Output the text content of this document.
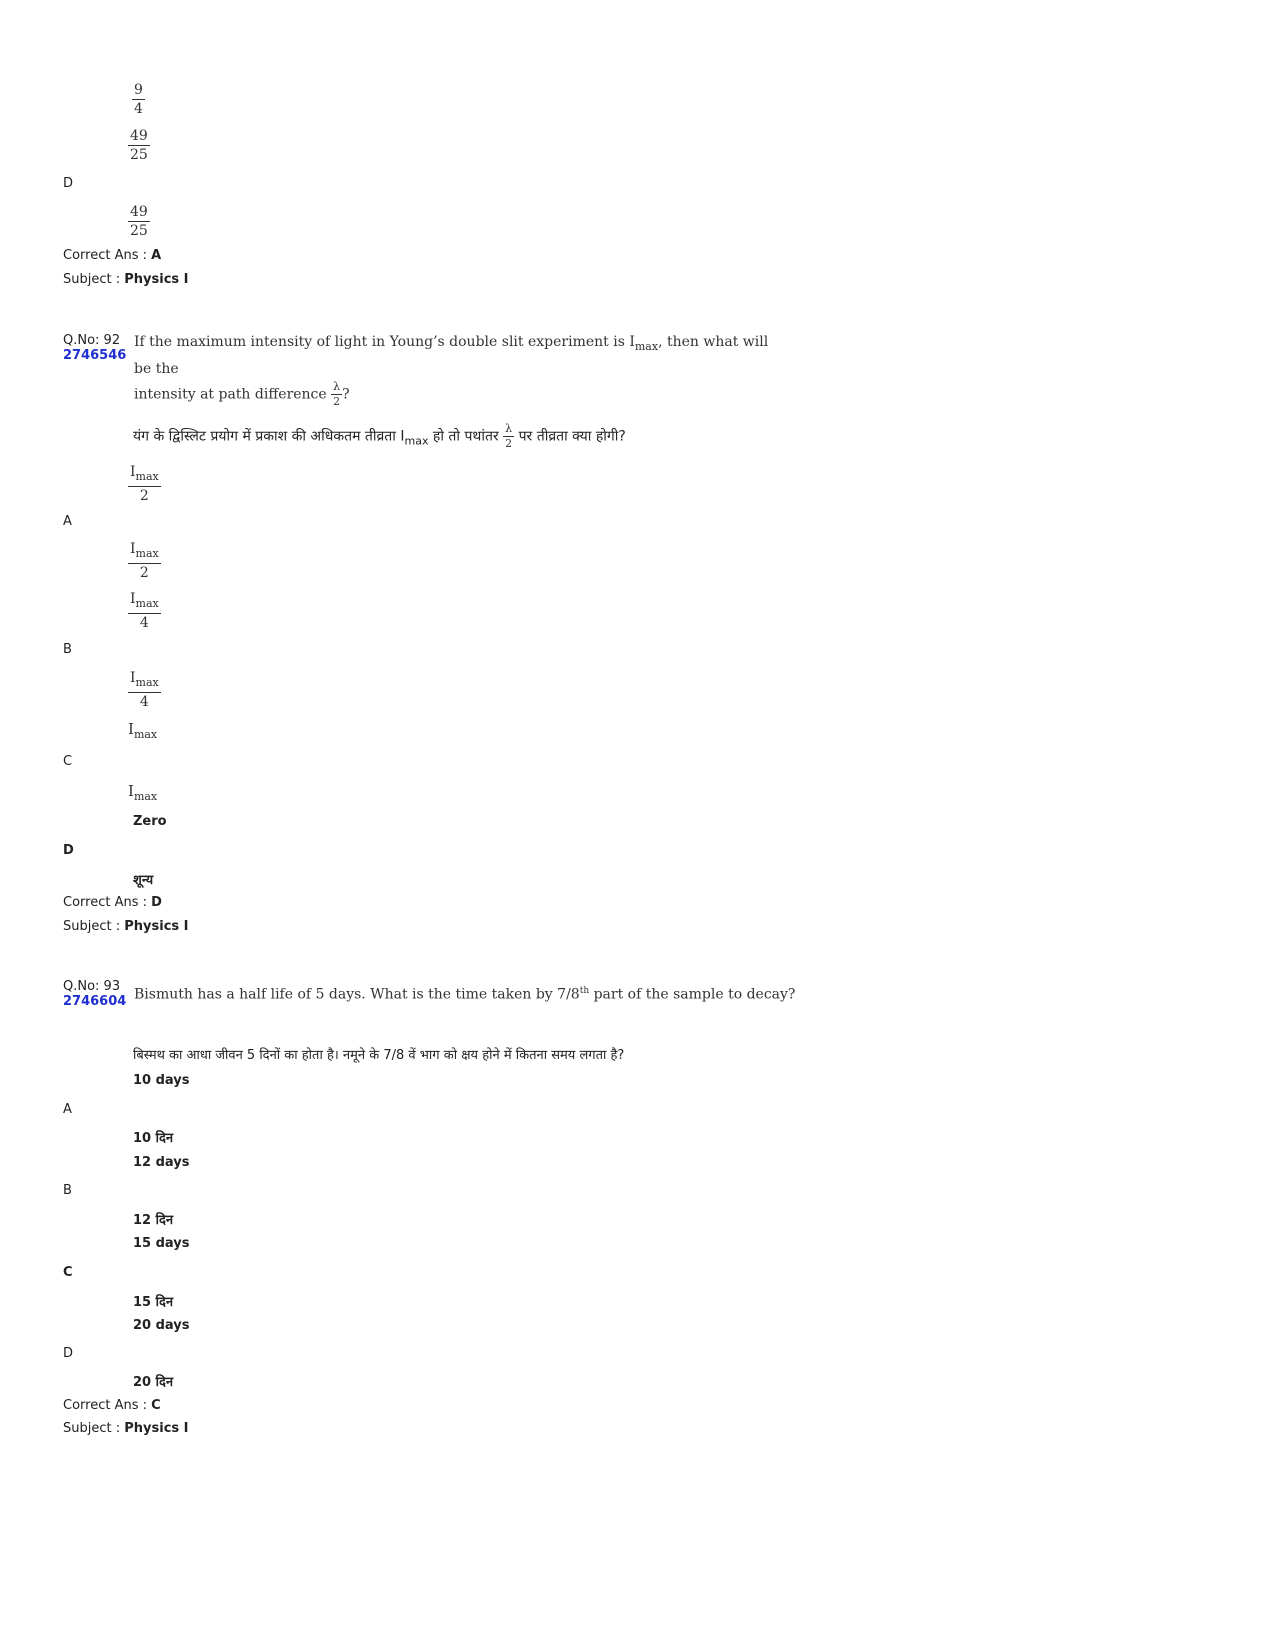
$\frac{9}{4}$
$\frac{49}{25}$
D
$\frac{49}{25}$
Correct Ans : A
Subject : Physics I
Q.No: 92
2746546
If the maximum intensity of light in Young’s double slit experiment is $I_{max}$, then what will be the
intensity at path difference $\frac{\lambda}{2}$ ?
यंग के द्विस्लिट प्रयोग में प्रकाश की अधिकतम तीव्रता $I_{max}$ हो तो पथांतर $\frac{\lambda}{2}$ पर तीव्रता क्या होगी?
$\frac{I_{max}}{2}$
A
$\frac{I_{max}}{2}$
$\frac{I_{max}}{4}$
B
$\frac{I_{max}}{4}$
$I_{max}$
C
$I_{max}$
Zero
D
शून्य
Correct Ans : D
Subject : Physics I
Q.No: 93
2746604 Bismuth has a half life of 5 days. What is the time taken by 7/8th part of the sample to decay?
बिस्मथ का आधा जीवन 5 दिनों का होता है। नमूने के 7/8 वें भाग को क्षय होने में कितना समय लगता है?
10 days
A
10 दिन
12 days
B
12 दिन
15 days
C
15 दिन
20 days
D
20 दिन
Correct Ans : C
Subject : Physics I
